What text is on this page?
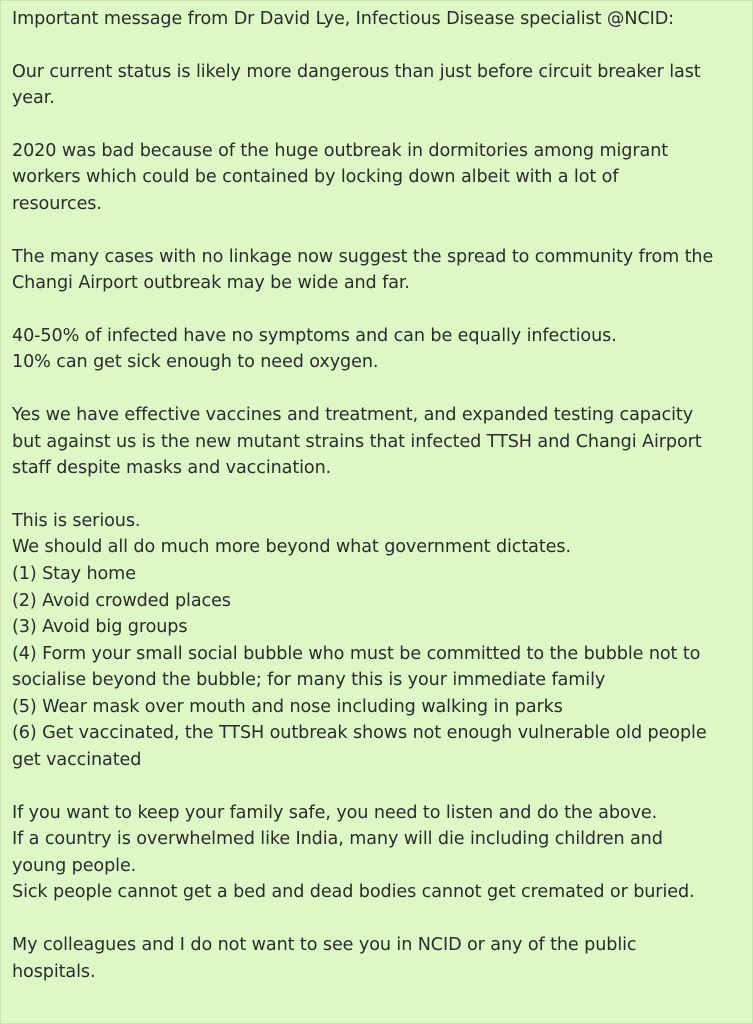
Important message from Dr David Lye, Infectious Disease specialist @NCID:
Our current status is likely more dangerous than just before circuit breaker last
year.
2020 was bad because of the huge outbreak in dormitories among migrant
workers which could be contained by locking down albeit with a lot of
resources.
The many cases with no linkage now suggest the spread to community from the
Changi Airport outbreak may be wide and far.
40-50% of infected have no symptoms and can be equally infectious.
10% can get sick enough to need oxygen.
Yes we have effective vaccines and treatment, and expanded testing capacity
but against us is the new mutant strains that infected TTSH and Changi Airport
staff despite masks and vaccination.
This is serious.
We should all do much more beyond what government dictates.
(1) Stay home
(2) Avoid crowded places
(3) Avoid big groups
(4) Form your small social bubble who must be committed to the bubble not to
socialise beyond the bubble; for many this is your immediate family
(5) Wear mask over mouth and nose including walking in parks
(6) Get vaccinated, the TTSH outbreak shows not enough vulnerable old people
get vaccinated
If you want to keep your family safe, you need to listen and do the above.
If a country is overwhelmed like India, many will die including children and
young people.
Sick people cannot get a bed and dead bodies cannot get cremated or buried.
My colleagues and I do not want to see you in NCID or any of the public
hospitals.
